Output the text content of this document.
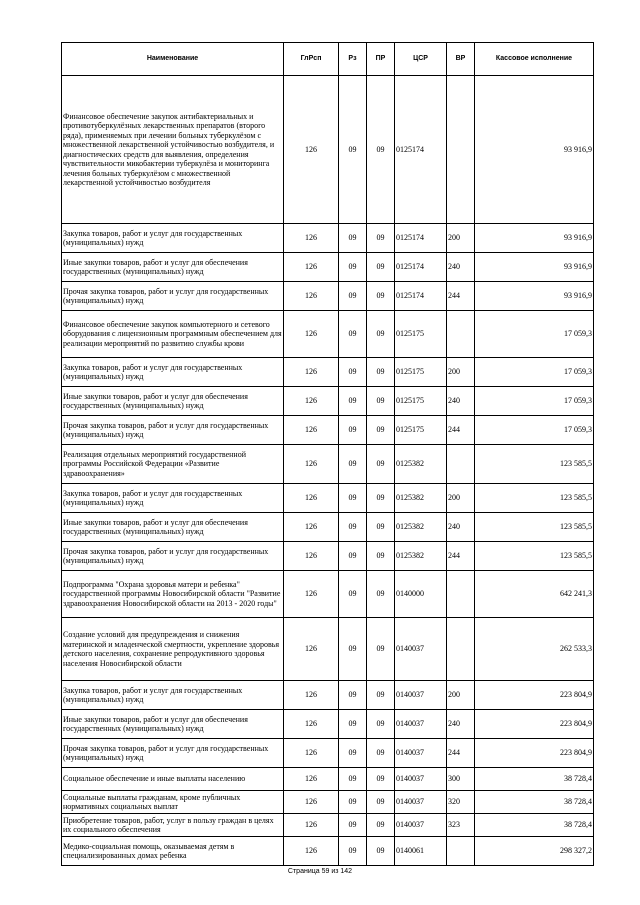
Наименование	ГлРсп	Рз	ПР	ЦСР	ВР	Кассовое исполнение
Финансовое обеспечение закупок антибактериальных и противотуберкулёзных лекарственных препаратов (второго ряда), применяемых при лечении больных туберкулёзом с множественной лекарственной устойчивостью возбудителя, и диагностических средств для выявления, определения чувствительности микобактерии туберкулёза и мониторинга лечения больных туберкулёзом с множественной лекарственной устойчивостью возбудителя	126	09	09	0125174		93 916,9
Закупка товаров, работ и услуг для государственных (муниципальных) нужд	126	09	09	0125174	200	93 916,9
Иные закупки товаров, работ и услуг для обеспечения государственных (муниципальных) нужд	126	09	09	0125174	240	93 916,9
Прочая закупка товаров, работ и услуг для государственных (муниципальных) нужд	126	09	09	0125174	244	93 916,9
Финансовое обеспечение закупок компьютерного и сетевого оборудования с лицензионным программным обеспечением для реализации мероприятий по развитию службы крови	126	09	09	0125175		17 059,3
Закупка товаров, работ и услуг для государственных (муниципальных) нужд	126	09	09	0125175	200	17 059,3
Иные закупки товаров, работ и услуг для обеспечения государственных (муниципальных) нужд	126	09	09	0125175	240	17 059,3
Прочая закупка товаров, работ и услуг для государственных (муниципальных) нужд	126	09	09	0125175	244	17 059,3
Реализация отдельных мероприятий государственной программы Российской Федерации «Развитие здравоохранения»	126	09	09	0125382		123 585,5
Закупка товаров, работ и услуг для государственных (муниципальных) нужд	126	09	09	0125382	200	123 585,5
Иные закупки товаров, работ и услуг для обеспечения государственных (муниципальных) нужд	126	09	09	0125382	240	123 585,5
Прочая закупка товаров, работ и услуг для государственных (муниципальных) нужд	126	09	09	0125382	244	123 585,5
Подпрограмма "Охрана здоровья матери и ребенка" государственной программы Новосибирской области "Развитие здравоохранения Новосибирской области на 2013 - 2020 годы"	126	09	09	0140000		642 241,3
Создание условий для предупреждения и снижения материнской и младенческой смертности, укрепление здоровья детского населения, сохранение репродуктивного здоровья населения Новосибирской области	126	09	09	0140037		262 533,3
Закупка товаров, работ и услуг для государственных (муниципальных) нужд	126	09	09	0140037	200	223 804,9
Иные закупки товаров, работ и услуг для обеспечения государственных (муниципальных) нужд	126	09	09	0140037	240	223 804,9
Прочая закупка товаров, работ и услуг для государственных (муниципальных) нужд	126	09	09	0140037	244	223 804,9
Социальное обеспечение и иные выплаты населению	126	09	09	0140037	300	38 728,4
Социальные выплаты гражданам, кроме публичных нормативных социальных выплат	126	09	09	0140037	320	38 728,4
Приобретение товаров, работ, услуг в пользу граждан в целях их социального обеспечения	126	09	09	0140037	323	38 728,4
Медико-социальная помощь, оказываемая детям в специализированных домах ребенка	126	09	09	0140061		298 327,2
Страница 59 из 142
